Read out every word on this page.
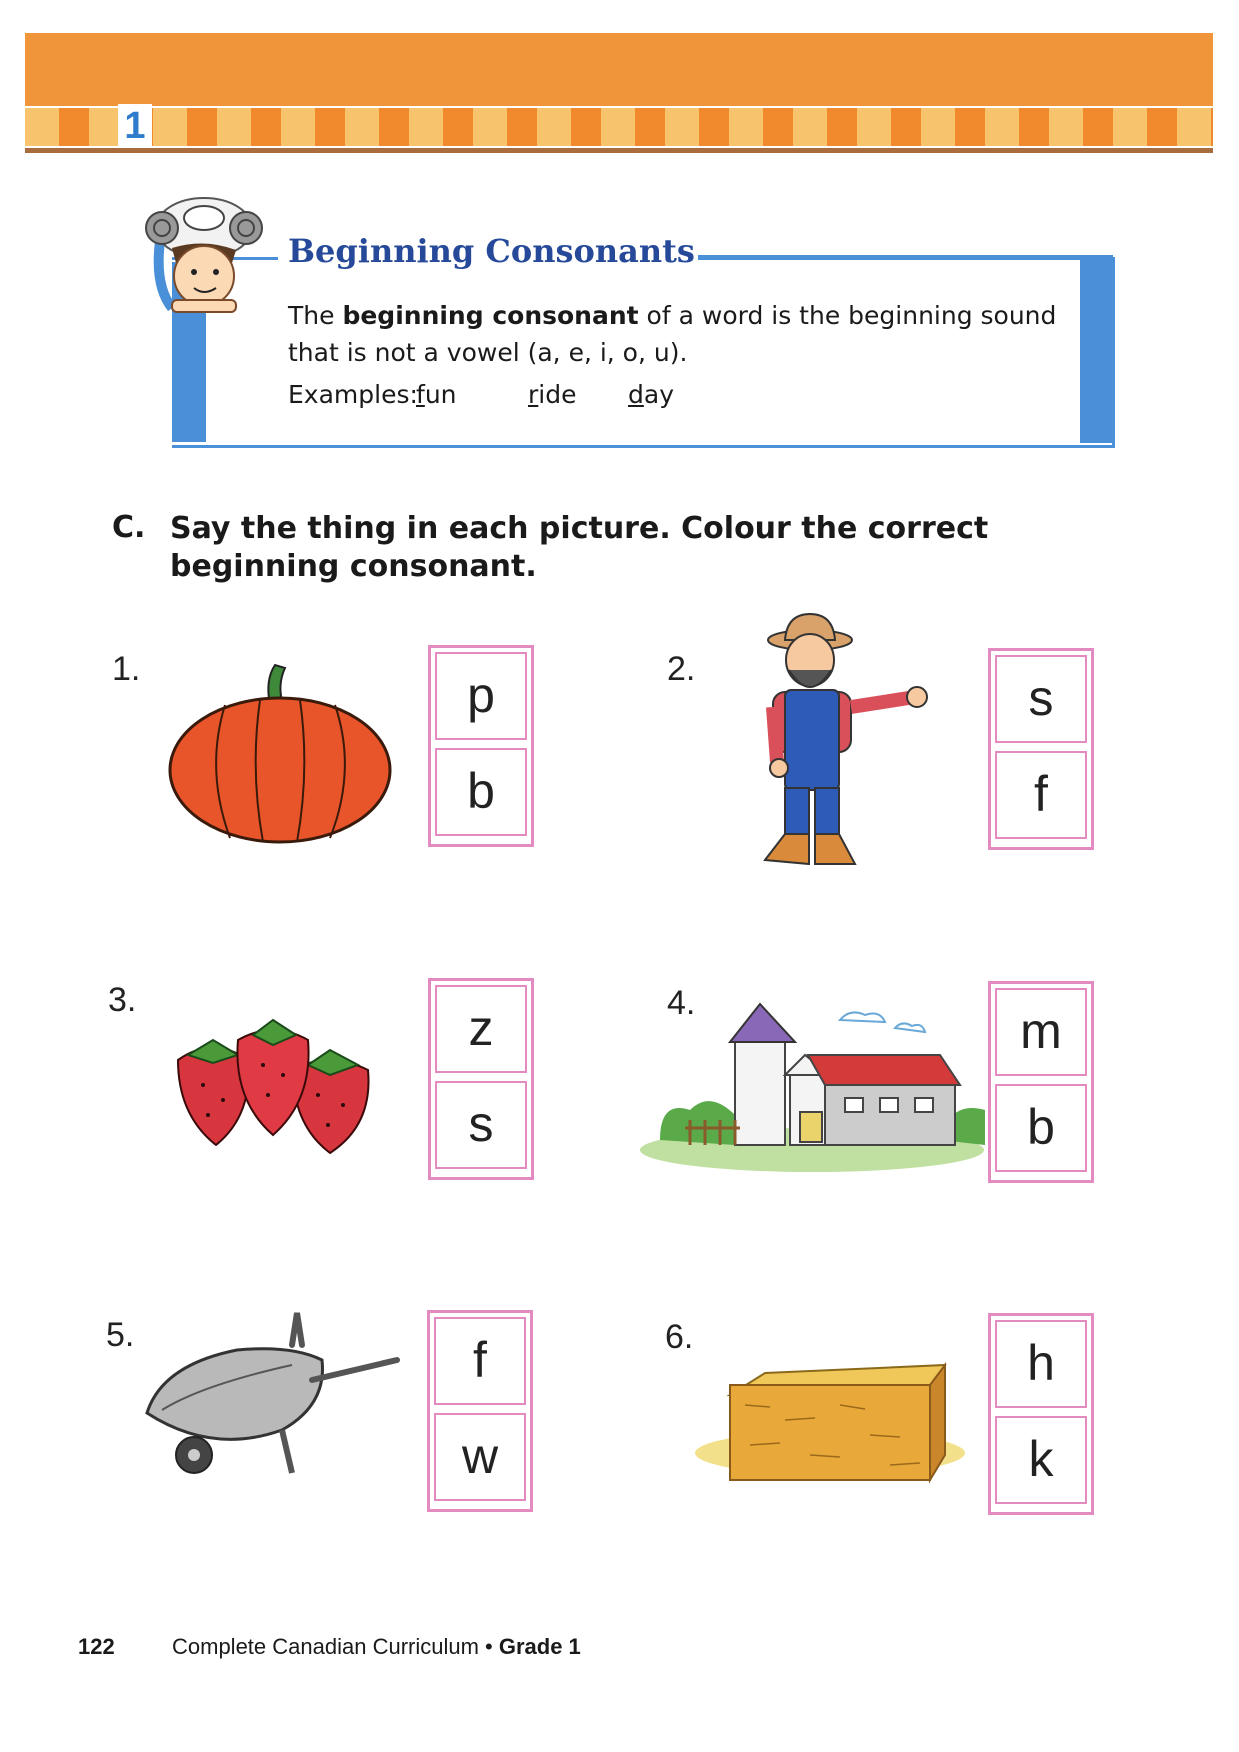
1
Beginning Consonants
The beginning consonant of a word is the beginning sound that is not a vowel (a, e, i, o, u).
Examples:
fun	ride day
C. Say the thing in each picture. Colour the correct beginning consonant.
1.	p
b
2.
s
f
3.	z
s
4.	m
b
5.	f
w
6.	h
k
122	Complete Canadian Curriculum • Grade 1
